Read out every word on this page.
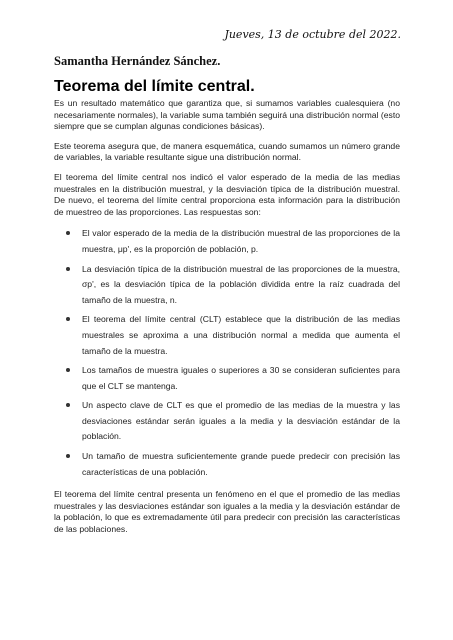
Jueves, 13 de octubre del 2022.
Samantha Hernández Sánchez.
Teorema del límite central.

Es un resultado matemático que garantiza que, si sumamos variables cualesquiera (no necesariamente normales), la variable suma también seguirá una distribución normal (esto siempre que se cumplan algunas condiciones básicas).

Este teorema asegura que, de manera esquemática, cuando sumamos un número grande de variables, la variable resultante sigue una distribución normal.

El teorema del límite central nos indicó el valor esperado de la media de las medias muestrales en la distribución muestral, y la desviación típica de la distribución muestral. De nuevo, el teorema del límite central proporciona esta información para la distribución de muestreo de las proporciones. Las respuestas son:

El valor esperado de la media de la distribución muestral de las proporciones de la muestra, μp', es la proporción de población, p.
La desviación típica de la distribución muestral de las proporciones de la muestra, σp', es la desviación típica de la población dividida entre la raíz cuadrada del tamaño de la muestra, n.
El teorema del límite central (CLT) establece que la distribución de las medias muestrales se aproxima a una distribución normal a medida que aumenta el tamaño de la muestra.
Los tamaños de muestra iguales o superiores a 30 se consideran suficientes para que el CLT se mantenga.
Un aspecto clave de CLT es que el promedio de las medias de la muestra y las desviaciones estándar serán iguales a la media y la desviación estándar de la población.
Un tamaño de muestra suficientemente grande puede predecir con precisión las características de una población.

El teorema del límite central presenta un fenómeno en el que el promedio de las medias muestrales y las desviaciones estándar son iguales a la media y la desviación estándar de la población, lo que es extremadamente útil para predecir con precisión las características de las poblaciones.
